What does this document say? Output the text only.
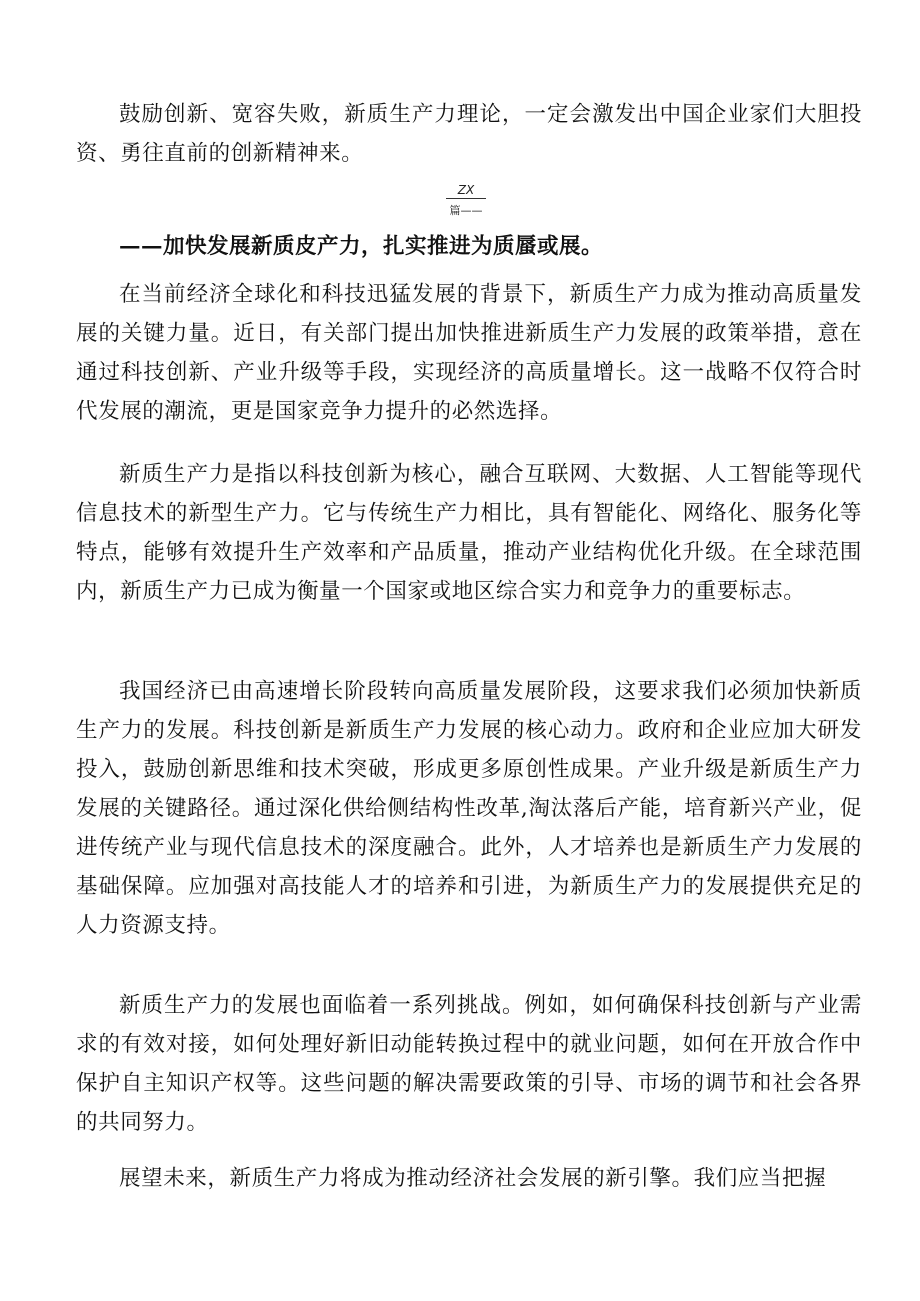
鼓励创新、宽容失败，新质生产力理论，一定会激发出中国企业家们大胆投资、勇往直前的创新精神来。

ZX
篇——

——加快发展新质皮产力，扎实推进为质蜃或展。

在当前经济全球化和科技迅猛发展的背景下，新质生产力成为推动高质量发展的关键力量。近日，有关部门提出加快推进新质生产力发展的政策举措，意在通过科技创新、产业升级等手段，实现经济的高质量增长。这一战略不仅符合时代发展的潮流，更是国家竞争力提升的必然选择。

新质生产力是指以科技创新为核心，融合互联网、大数据、人工智能等现代信息技术的新型生产力。它与传统生产力相比，具有智能化、网络化、服务化等特点，能够有效提升生产效率和产品质量，推动产业结构优化升级。在全球范围内，新质生产力已成为衡量一个国家或地区综合实力和竞争力的重要标志。

我国经济已由高速增长阶段转向高质量发展阶段，这要求我们必须加快新质生产力的发展。科技创新是新质生产力发展的核心动力。政府和企业应加大研发投入，鼓励创新思维和技术突破，形成更多原创性成果。产业升级是新质生产力发展的关键路径。通过深化供给侧结构性改革,淘汰落后产能，培育新兴产业，促进传统产业与现代信息技术的深度融合。此外，人才培养也是新质生产力发展的基础保障。应加强对高技能人才的培养和引进，为新质生产力的发展提供充足的人力资源支持。

新质生产力的发展也面临着一系列挑战。例如，如何确保科技创新与产业需求的有效对接，如何处理好新旧动能转换过程中的就业问题，如何在开放合作中保护自主知识产权等。这些问题的解决需要政策的引导、市场的调节和社会各界的共同努力。

展望未来，新质生产力将成为推动经济社会发展的新引擎。我们应当把握
